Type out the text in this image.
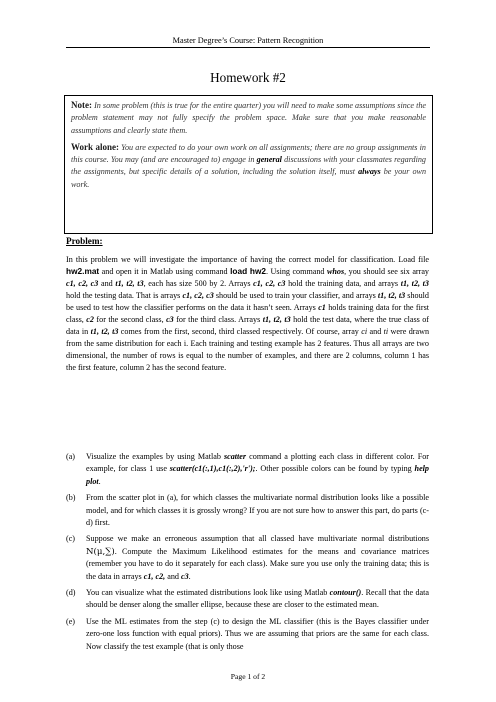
Master Degree’s Course: Pattern Recognition
Homework #2

Note: In some problem (this is true for the entire quarter) you will need to make some assumptions since the problem statement may not fully specify the problem space. Make sure that you make reasonable assumptions and clearly state them.

Work alone: You are expected to do your own work on all assignments; there are no group assignments in this course. You may (and are encouraged to) engage in general discussions with your classmates regarding the assignments, but specific details of a solution, including the solution itself, must always be your own work.

Problem:

In this problem we will investigate the importance of having the correct model for classification. Load file hw2.mat and open it in Matlab using command load hw2. Using command whos, you should see six array c1, c2, c3 and t1, t2, t3, each has size 500 by 2. Arrays c1, c2, c3 hold the training data, and arrays t1, t2, t3 hold the testing data. That is arrays c1, c2, c3 should be used to train your classifier, and arrays t1, t2, t3 should be used to test how the classifier performs on the data it hasn’t seen. Arrays c1 holds training data for the first class, c2 for the second class, c3 for the third class. Arrays t1, t2, t3 hold the test data, where the true class of data in t1, t2, t3 comes from the first, second, third classed respectively. Of course, array ci and ti were drawn from the same distribution for each i. Each training and testing example has 2 features. Thus all arrays are two dimensional, the number of rows is equal to the number of examples, and there are 2 columns, column 1 has the first feature, column 2 has the second feature.

(a) Visualize the examples by using Matlab scatter command a plotting each class in different color. For example, for class 1 use scatter(c1(:,1),c1(:,2),'r');. Other possible colors can be found by typing help plot.
(b) From the scatter plot in (a), for which classes the multivariate normal distribution looks like a possible model, and for which classes it is grossly wrong? If you are not sure how to answer this part, do parts (c-d) first.
(c) Suppose we make an erroneous assumption that all classed have multivariate normal distributions N(μ,∑). Compute the Maximum Likelihood estimates for the means and covariance matrices (remember you have to do it separately for each class). Make sure you use only the training data; this is the data in arrays c1, c2, and c3.
(d) You can visualize what the estimated distributions look like using Matlab contour(). Recall that the data should be denser along the smaller ellipse, because these are closer to the estimated mean.
(e) Use the ML estimates from the step (c) to design the ML classifier (this is the Bayes classifier under zero-one loss function with equal priors). Thus we are assuming that priors are the same for each class. Now classify the test example (that is only those
Page 1 of 2
